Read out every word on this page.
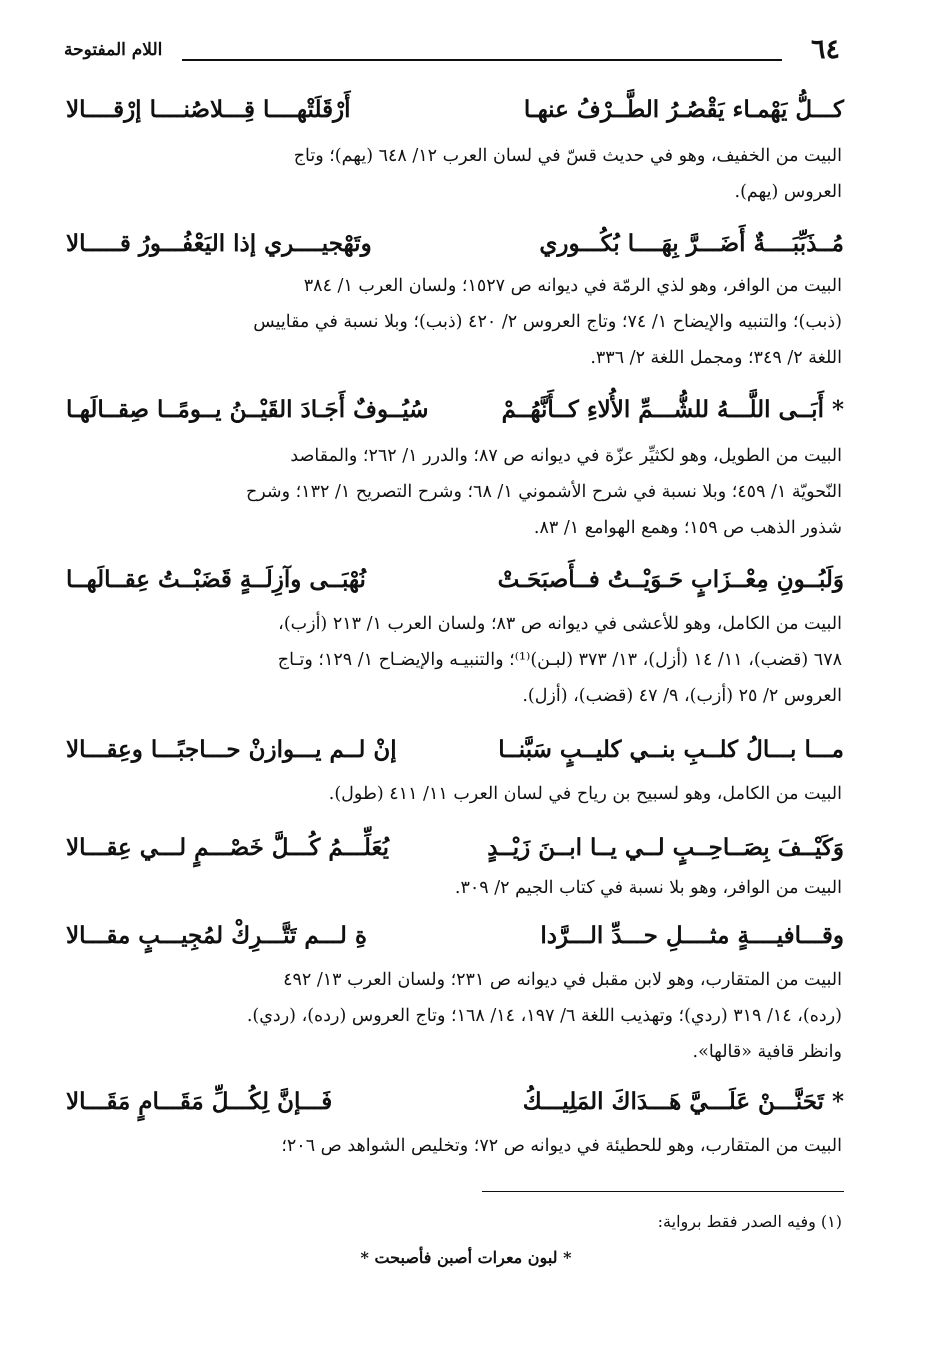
٦٤
اللام المفتوحة
كـــلُّ يَهْمـاء يَقْصُـرُ الطَّــرْفُ عنهـا
أَرْقَلَتْهــــا قِـــلاصُنــــا إرْقــــالا
البيت من الخفيف، وهو في حديث قسّ في لسان العرب ١٢/ ٦٤٨ (يهم)؛ وتاج
العروس (يهم).
مُــذَبِّبَــــةٌ أَضَـــرَّ بِهَــــا بُكُـــوري
وتَهْجيــــري إذا اليَعْفُـــورُ قـــــالا
البيت من الوافر، وهو لذي الرمّة في ديوانه ص ١٥٢٧؛ ولسان العرب ١/ ٣٨٤
(ذبب)؛ والتنبيه والإيضاح ١/ ٧٤؛ وتاج العروس ٢/ ٤٢٠ (ذبب)؛ وبلا نسبة في مقاييس
اللغة ٢/ ٣٤٩؛ ومجمل اللغة ٢/ ٣٣٦.
* أَبَــى اللَّـــهُ للشُّـــمِّ الأُلاءِ كــأَنَّهُــمْ
سُيُــوفٌ أَجَـادَ القَيْــنُ يــومًــا صِقــالَهـا
البيت من الطويل، وهو لكثيِّر عزّة في ديوانه ص ٨٧؛ والدرر ١/ ٢٦٢؛ والمقاصد
النّحويّة ١/ ٤٥٩؛ وبلا نسبة في شرح الأشموني ١/ ٦٨؛ وشرح التصريح ١/ ١٣٢؛ وشرح
شذور الذهب ص ١٥٩؛ وهمع الهوامع ١/ ٨٣.
وَلَبُــونِ مِعْــزَابٍ حَـوَيْــتُ فــأَصبَحَـتْ
نُهْبَــى وآزِلَــةٍ قَضَبْــتُ عِقــالَهــا
البيت من الكامل، وهو للأعشى في ديوانه ص ٨٣؛ ولسان العرب ١/ ٢١٣ (أزب)،
٦٧٨ (قضب)، ١١/ ١٤ (أزل)، ١٣/ ٣٧٣ (لبـن)⁽¹⁾؛ والتنبيـه والإيضـاح ١/ ١٢٩؛ وتـاج
العروس ٢/ ٢٥ (أزب)، ٩/ ٤٧ (قضب)، (أزل).
مـــا بـــالُ كلــبِ بنــي كليــبٍ سَبَّنــا
إنْ لــم يـــوازنْ حـــاجبًـــا وعِقـــالا
البيت من الكامل، وهو لسبيح بن رياح في لسان العرب ١١/ ٤١١ (طول).
وَكَيْــفَ بِصَــاحِــبٍ لــي يــا ابــنَ زَيْــدٍ
يُعَلِّـــمُ كُـــلَّ خَصْـــمٍ لـــي عِقـــالا
البيت من الوافر، وهو بلا نسبة في كتاب الجيم ٢/ ٣٠٩.
وقـــافيــــةٍ مثــــلِ حـــدِّ الـــرَّدا
ةِ لـــم تَتَّـــرِكْ لمُجِيـــبٍ مقـــالا
البيت من المتقارب، وهو لابن مقبل في ديوانه ص ٢٣١؛ ولسان العرب ١٣/ ٤٩٢
(رده)، ١٤/ ٣١٩ (ردي)؛ وتهذيب اللغة ٦/ ١٩٧، ١٤/ ١٦٨؛ وتاج العروس (رده)، (ردي).
وانظر قافية «قالها».
* تَحَنَّـــنْ عَلَـــيَّ هَـــدَاكَ المَلِيـــكُ
فَـــإنَّ لِكُـــلِّ مَقَـــامٍ مَقَـــالا
البيت من المتقارب، وهو للحطيئة في ديوانه ص ٧٢؛ وتخليص الشواهد ص ٢٠٦؛
(١) وفيه الصدر فقط برواية:
* لبون معرات أصبن فأصبحت *
